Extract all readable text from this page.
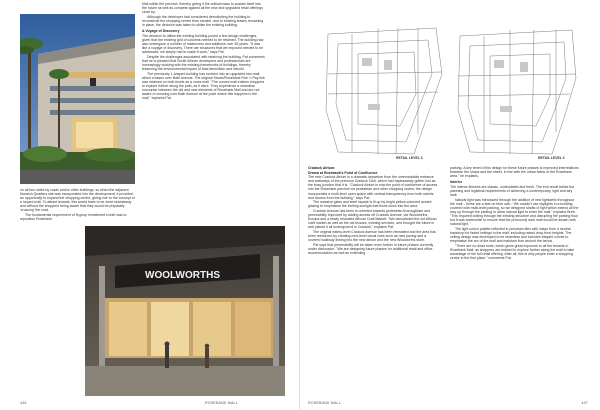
on all four sides by roads and/or other buildings, so when the adjacent Norwich Quarters site was incorporated into the development, it provided an opportunity to expand the shopping centre, giving rise to the concept of a looped mall. To attract tenants, this would have to be done seamlessly and without the shoppers being aware that they would be physically 'crossing' the road.

The fundamental requirement of Hyprop Investment's brief was to reposition Rosebank

Mall within the precinct, thereby giving it the critical mass to sustain itself into the future as well as compete against all the new and upgraded retail offerings close by.

Although the developer had considered demolishing the building to reconstruct the shopping centre from scratch, due to existing leases remaining in place, the decision was taken to utilise the existing building.

A Voyage of Discovery

The decision to utilise the existing building posed a few design challenges, given that the existing grid of columns needed to be retained. The building had also undergone a number of makeovers and additions over 35 years. "It was like a voyage of discovery. There are structures that we exposed needed to be addressed, we simply had to make it work," says Pat.

Despite the challenges associated with retaining the building, Pat comments that he is pleased that South African developers and professionals are increasingly working with the existing frameworks of buildings, thereby lessening the environmental impact of total demolition and rebuild.

The previously L-shaped building has evolved into an upgraded two-mall which crosses over Bath Avenue. The original Studio/Rosebank Pick 'n Pay link was retained on both levels as a cross mall. "The curved mall entices shoppers to explore further along the path, as it were. They experience a seamless encounter between the old and new elements of Rosebank Mall and are not aware of crossing over Bath Avenue at the point where this happens in the mall," explains Pat.

WOOLWORTHS
446	ROSEBANK MALL
RETAIL LEVEL 3	RETAIL LEVEL 3

Cradock Atrium:

Drama at Rosebank's Point of Confluence

The new Cradock Atrium is a dramatic departure from the unremarkable entrance and walkways of the previous Cradock Club, which had haphazardly gotten lost as the busy junction that it is. "Cradock Atrium is now the point of confluence of access into the Rosebank precinct via pedestrian and other shopping routes; the design incorporates a multi-level open space with vertical transparency from both streets and access from the building," says Pat.

The massive glass and steel façade is lit up by bright yellow-coloured accent glazing to emphasise the inviting sunlight that flows down into the area.

Cradock Avenue has been re-oriented towards pedestrian thoroughfare and permeability improved by adding access off Cradock Avenue, via Woolworths, Europa and a newly relocated African Craft Market. "We demolished the old African craft market as well as the old trusses, existing services, and brought the future in and placed it all underground in Cradock," explains Pat.

The original eatery-level Cradock Avenue has been reinstated and the area has been reinforced by creating next-level visual cues such as new paving and a covered walkway linking into the new atrium and the new Woolworths store.

Pat says that permeability will be taken even further in future phases currently under discussion. "We are designing future phases for additional retail and office accommodation as well as extending

parking. A key tenet of this design for these future phases is improved interrelations between the shops and the street, in line with the urban fabric of the Rosebank area," he explains.

Interior

The interior finishes are classic, understated and fresh. The end result belies the planning and logistical requirements of achieving a contemporary, light and airy mall.

Natural light was introduced through the addition of new lightwells throughout the mall – these are a feat on their own. "We couldn't use skylights in a building covered with multi-level parking, so we designed shafts of light which extend all the way up through the parking to allow natural light to enter the mall," explains Brett. "This required cutting through the existing structure and disrupting the parking flow, but it was worthwhile to ensure that the previously dark mall would be awash with natural light."

The light colour palette reflected in porcelain tiles with inlays from a neutral backdrop for faded ceilings in the mall, including raised drop-front heights. The ceiling design was developed to be seamless and includes elegant curves to emphasise the arc of the mall and maintain flow around the bends.

"There are no dead ends, which gives great exposure to all the tenants in Rosebank Mall, as shoppers are enticed to explore further along the mall to take advantage of the full retail offering. After all, this is why people enter a shopping centre in the first place," comments Pat.

ROSEBANK MALL	447
